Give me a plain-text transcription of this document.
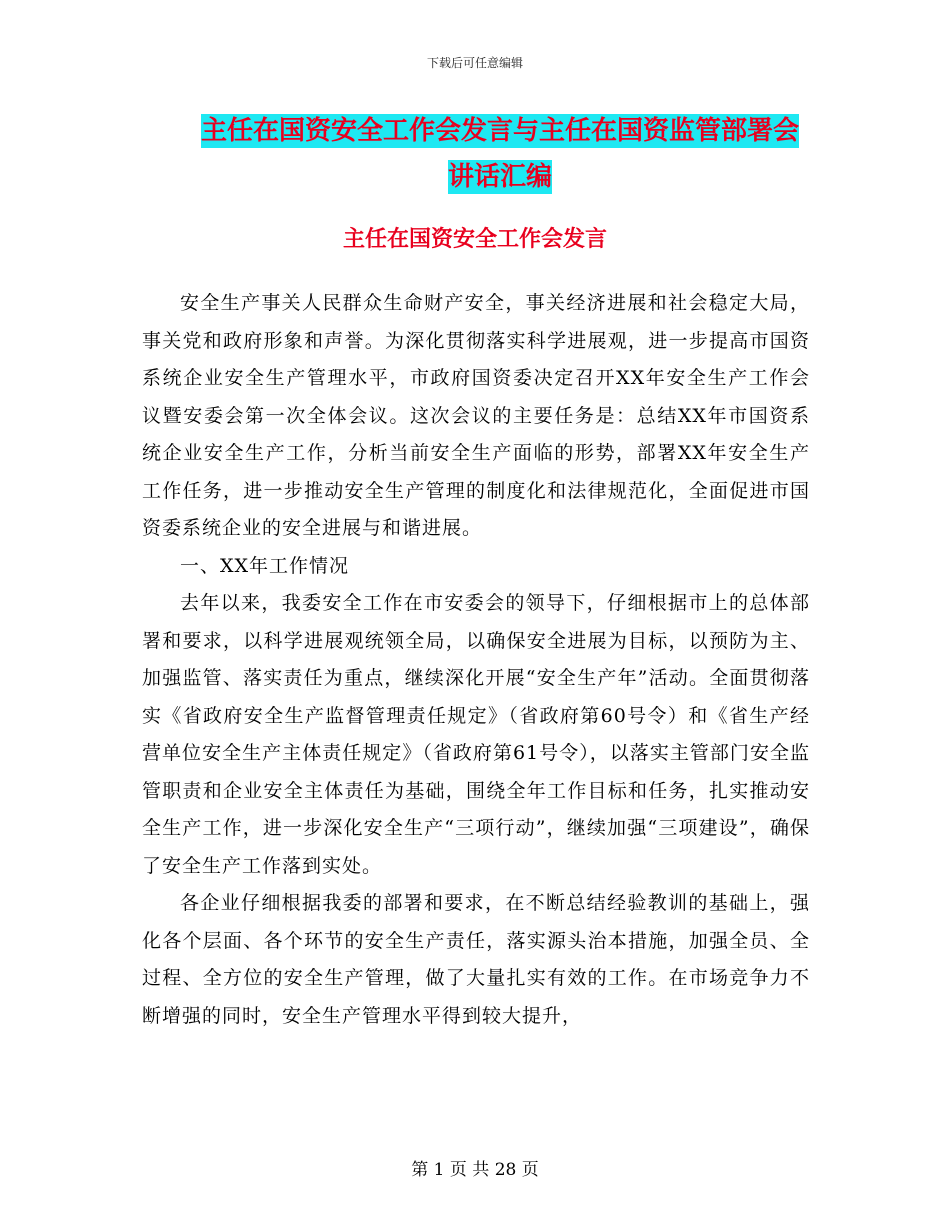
下载后可任意编辑
主任在国资安全工作会发言与主任在国资监管部署会
讲话汇编
主任在国资安全工作会发言

安全生产事关人民群众生命财产安全，事关经济进展和社会稳定大局，事关党和政府形象和声誉。为深化贯彻落实科学进展观，进一步提高市国资系统企业安全生产管理水平，市政府国资委决定召开XX年安全生产工作会议暨安委会第一次全体会议。这次会议的主要任务是：总结XX年市国资系统企业安全生产工作，分析当前安全生产面临的形势，部署XX年安全生产工作任务，进一步推动安全生产管理的制度化和法律规范化，全面促进市国资委系统企业的安全进展与和谐进展。

一、XX年工作情况

去年以来，我委安全工作在市安委会的领导下，仔细根据市上的总体部署和要求，以科学进展观统领全局，以确保安全进展为目标，以预防为主、加强监管、落实责任为重点，继续深化开展“安全生产年”活动。全面贯彻落实《省政府安全生产监督管理责任规定》（省政府第60号令）和《省生产经营单位安全生产主体责任规定》（省政府第61号令），以落实主管部门安全监管职责和企业安全主体责任为基础，围绕全年工作目标和任务，扎实推动安全生产工作，进一步深化安全生产“三项行动”，继续加强“三项建设”，确保了安全生产工作落到实处。

各企业仔细根据我委的部署和要求，在不断总结经验教训的基础上，强化各个层面、各个环节的安全生产责任，落实源头治本措施，加强全员、全过程、全方位的安全生产管理，做了大量扎实有效的工作。在市场竞争力不断增强的同时，安全生产管理水平得到较大提升，

第 1 页 共 28 页
